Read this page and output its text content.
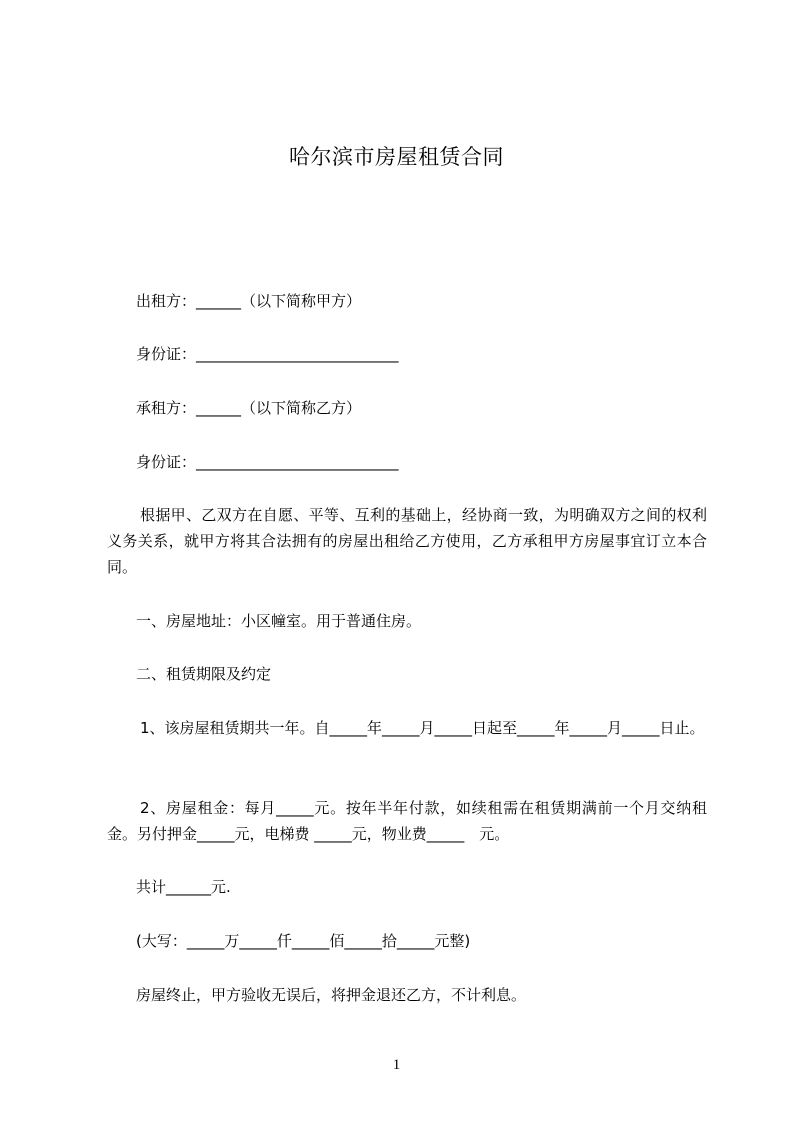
哈尔滨市房屋租赁合同
出租方：______（以下简称甲方）
身份证：___________________________
承租方：______（以下简称乙方）
身份证：___________________________
根据甲、乙双方在自愿、平等、互利的基础上，经协商一致，为明确双方之间的权利义务关系，就甲方将其合法拥有的房屋出租给乙方使用，乙方承租甲方房屋事宜订立本合同。
一、房屋地址：小区幢室。用于普通住房。
二、租赁期限及约定
1、该房屋租赁期共一年。自_____年_____月_____日起至_____年_____月_____日止。
2、房屋租金：每月_____元。按年半年付款，如续租需在租赁期满前一个月交纳租金。另付押金_____元，电梯费 _____元，物业费_____　元。
共计______元.
(大写：_____万_____仟_____佰_____拾_____元整)
房屋终止，甲方验收无误后，将押金退还乙方，不计利息。
1
